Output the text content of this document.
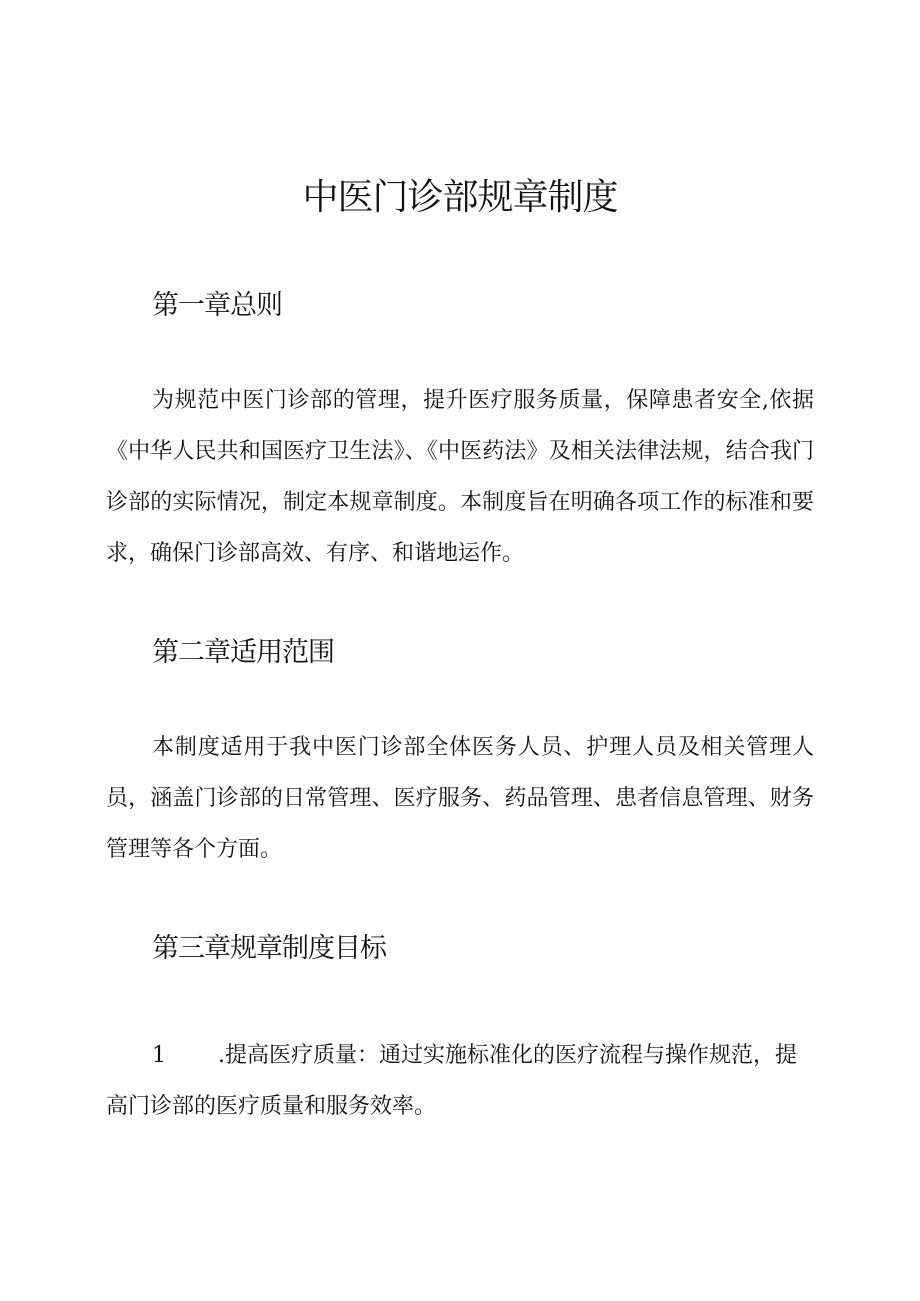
中医门诊部规章制度
第一章总则

为规范中医门诊部的管理，提升医疗服务质量，保障患者安全,依据《中华人民共和国医疗卫生法》、《中医药法》及相关法律法规，结合我门诊部的实际情况，制定本规章制度。本制度旨在明确各项工作的标准和要求，确保门诊部高效、有序、和谐地运作。

第二章适用范围

本制度适用于我中医门诊部全体医务人员、护理人员及相关管理人员，涵盖门诊部的日常管理、医疗服务、药品管理、患者信息管理、财务管理等各个方面。

第三章规章制度目标

1 .提高医疗质量：通过实施标准化的医疗流程与操作规范，提高门诊部的医疗质量和服务效率。
